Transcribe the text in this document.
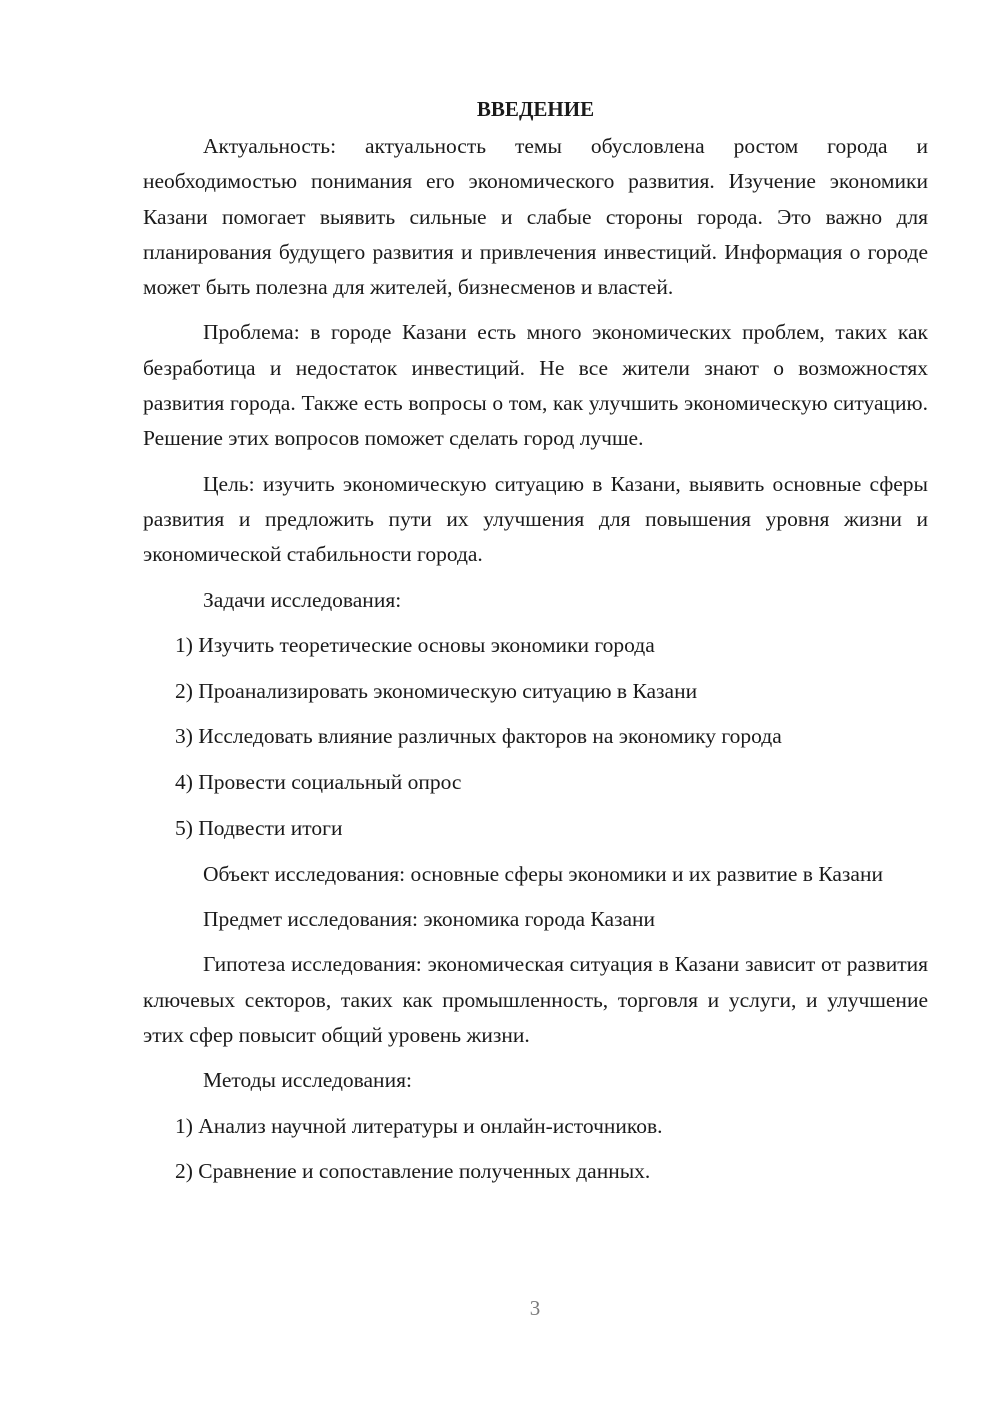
ВВЕДЕНИЕ

Актуальность: актуальность темы обусловлена ростом города и необходимостью понимания его экономического развития. Изучение экономики Казани помогает выявить сильные и слабые стороны города. Это важно для планирования будущего развития и привлечения инвестиций. Информация о городе может быть полезна для жителей, бизнесменов и властей.

Проблема: в городе Казани есть много экономических проблем, таких как безработица и недостаток инвестиций. Не все жители знают о возможностях развития города. Также есть вопросы о том, как улучшить экономическую ситуацию. Решение этих вопросов поможет сделать город лучше.

Цель: изучить экономическую ситуацию в Казани, выявить основные сферы развития и предложить пути их улучшения для повышения уровня жизни и экономической стабильности города.

Задачи исследования:

1) Изучить теоретические основы экономики города
2) Проанализировать экономическую ситуацию в Казани
3) Исследовать влияние различных факторов на экономику города
4) Провести социальный опрос
5) Подвести итоги

Объект исследования: основные сферы экономики и их развитие в Казани

Предмет исследования: экономика города Казани

Гипотеза исследования: экономическая ситуация в Казани зависит от развития ключевых секторов, таких как промышленность, торговля и услуги, и улучшение этих сфер повысит общий уровень жизни.

Методы исследования:

1) Анализ научной литературы и онлайн-источников.
2) Сравнение и сопоставление полученных данных.
3
